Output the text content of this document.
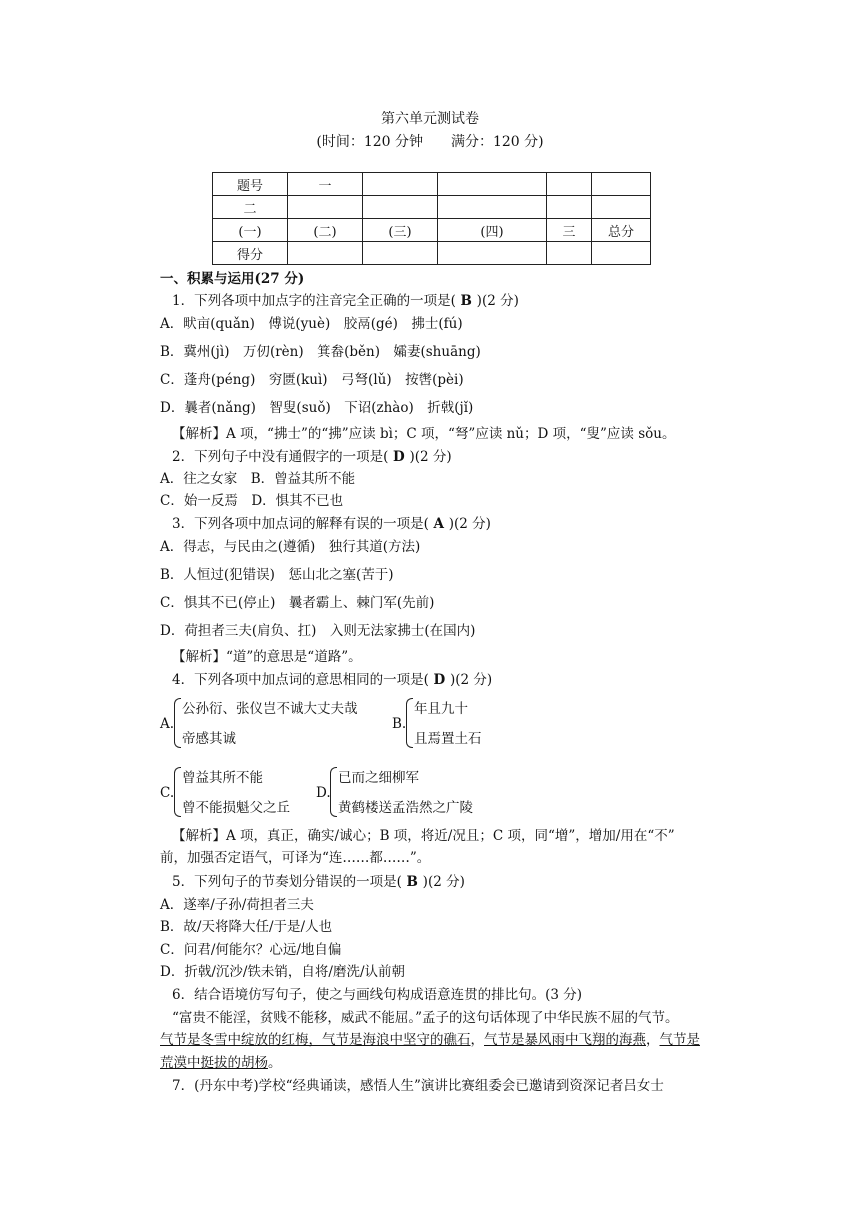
第六单元测试卷
(时间：120 分钟　　满分：120 分)
题号	一				
二					
(一)	(二)	(三)	(四)	三	总分
得分					
一、积累与运用(27 分)
1．下列各项中加点字的注音完全正确的一项是( B )(2 分)
A．畎亩(quǎn)　傅说(yuè)　胶鬲(gé)　拂士(fú)
B．冀州(jì)　万仞(rèn)　箕畚(běn)　孀妻(shuāng)
C．蓬舟(péng)　穷匮(kuì)　弓弩(lǔ)　按辔(pèi)
D．曩者(nǎng)　智叟(suǒ)　下诏(zhào)　折戟(jǐ)
【解析】A 项，“拂士”的“拂”应读 bì；C 项，“弩”应读 nǔ；D 项，“叟”应读 sǒu。
2．下列句子中没有通假字的一项是( D )(2 分)
A．往之女家　B．曾益其所不能
C．始一反焉　D．惧其不已也
3．下列各项中加点词的解释有误的一项是( A )(2 分)
A．得志，与民由之(遵循)　独行其道(方法)
B．人恒过(犯错误)　惩山北之塞(苦于)
C．惧其不已(停止)　曩者霸上、棘门军(先前)
D．荷担者三夫(肩负、扛)　入则无法家拂士(在国内)
【解析】“道”的意思是“道路”。
4．下列各项中加点词的意思相同的一项是( D )(2 分)
A.
公孙衍、张仪岂不诚大丈夫哉
帝感其诚
B.
年且九十
且焉置土石
C.
曾益其所不能
曾不能损魁父之丘
D.
已而之细柳军
黄鹤楼送孟浩然之广陵
【解析】A 项，真正，确实/诚心；B 项，将近/况且；C 项，同“增”，增加/用在“不”
前，加强否定语气，可译为“连……都……”。
5．下列句子的节奏划分错误的一项是( B )(2 分)
A．遂率/子孙/荷担者三夫
B．故/天将降大任/于是/人也
C．问君/何能尔？心远/地自偏
D．折戟/沉沙/铁未销，自将/磨洗/认前朝
6．结合语境仿写句子，使之与画线句构成语意连贯的排比句。(3 分)
“富贵不能淫，贫贱不能移，威武不能屈。”孟子的这句话体现了中华民族不屈的气节。
气节是冬雪中绽放的红梅，气节是海浪中坚守的礁石，气节是暴风雨中飞翔的海燕，气节是
荒漠中挺拔的胡杨。
7．(丹东中考)学校“经典诵读，感悟人生”演讲比赛组委会已邀请到资深记者吕女士
